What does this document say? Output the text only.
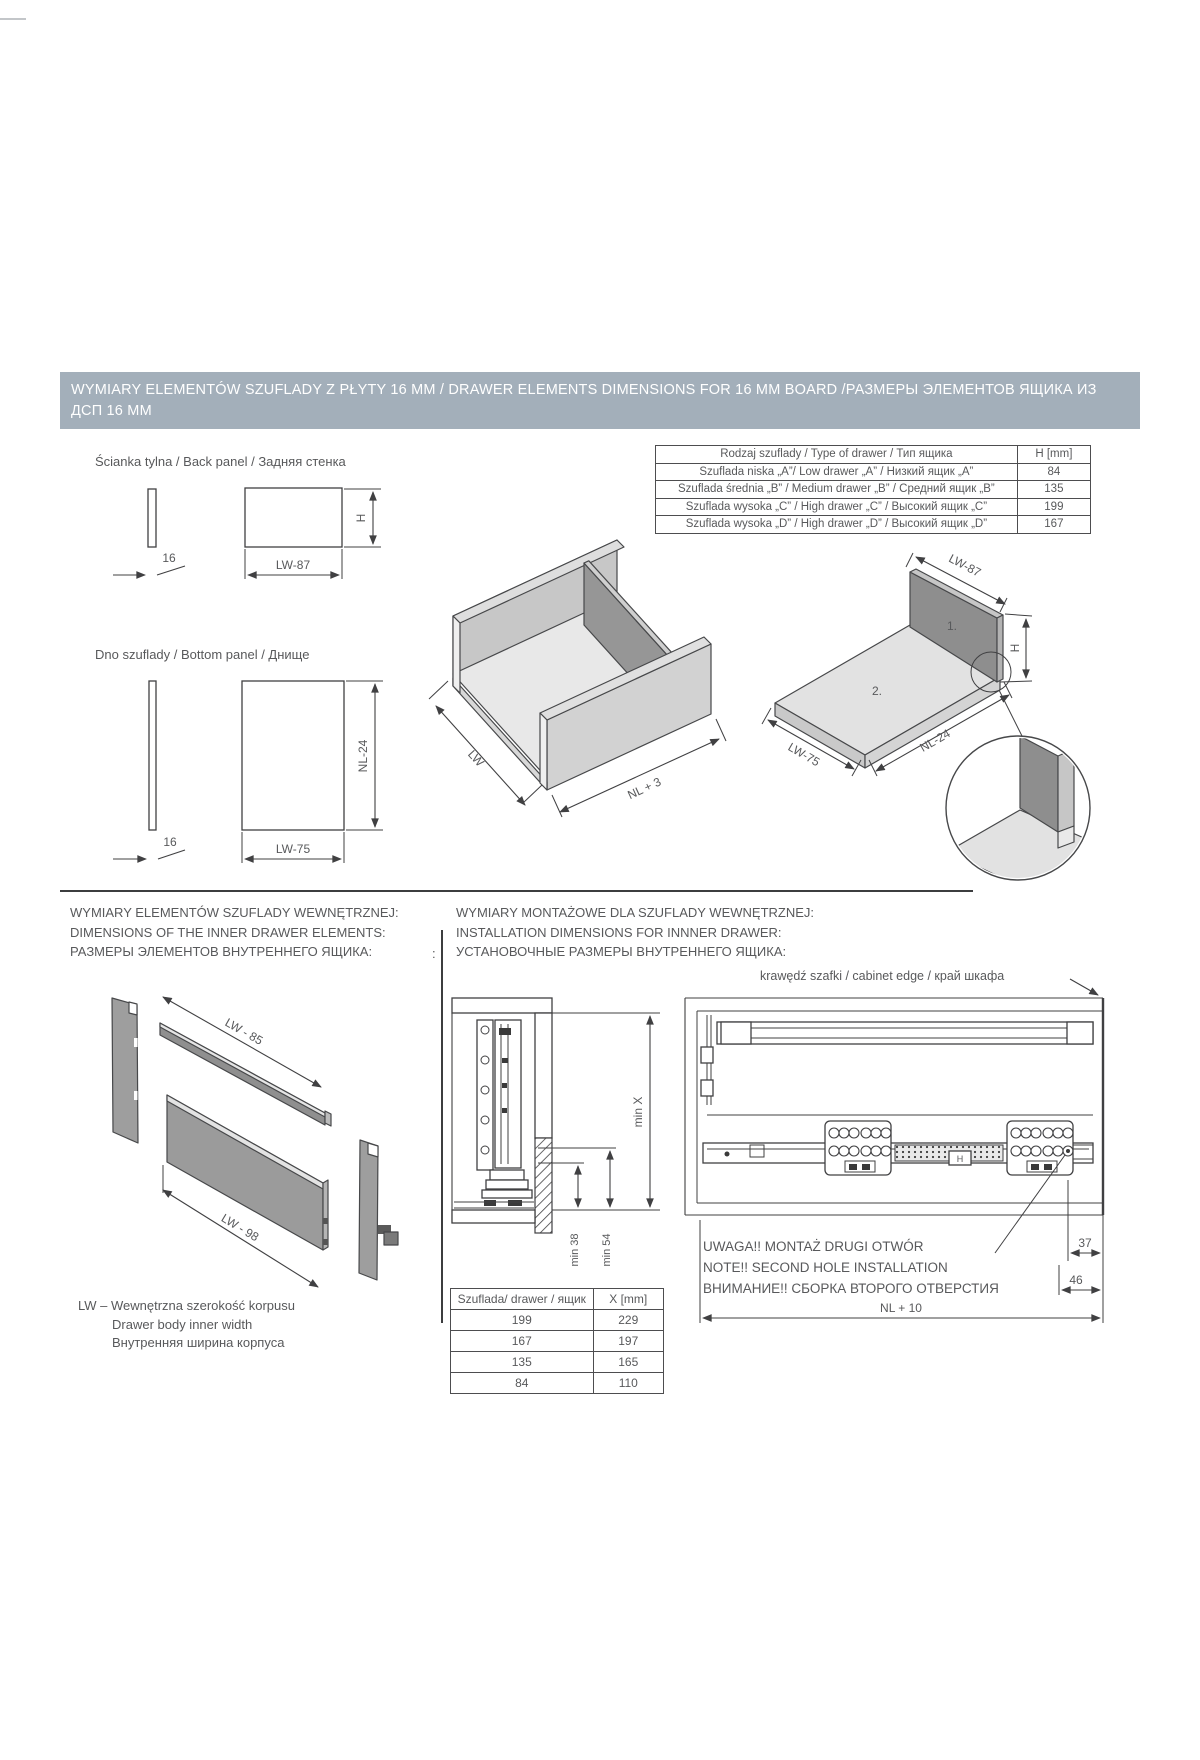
WYMIARY ELEMENTÓW SZUFLADY Z PŁYTY 16 MM / DRAWER ELEMENTS DIMENSIONS FOR 16 MM BOARD /РАЗМЕРЫ ЭЛЕМЕНТОВ ЯЩИКА ИЗ ДСП 16 ММ
Rodzaj szuflady / Type of drawer / Тип ящика	H [mm]
Szuflada niska „A”/ Low drawer „A” / Низкий ящик „A”	84
Szuflada średnia „B” / Medium drawer „B” / Средний ящик „B”	135
Szuflada wysoka „C” / High drawer „C” / Высокий ящик „C”	199
Szuflada wysoka „D” / High drawer „D” / Высокий ящик „D”	167
Ścianka tylna / Back panel / Задняя стенка
16
H
LW-87
Dno szuflady / Bottom panel / Днище
16
NL-24
LW-75
LW
NL + 3
1.
2.
LW-87
H
LW-75	NL-24
WYMIARY ELEMENTÓW SZUFLADY WEWNĘTRZNEJ:
DIMENSIONS OF THE INNER DRAWER ELEMENTS:
РАЗМЕРЫ ЭЛЕМЕНТОВ ВНУТРЕННЕГО ЯЩИКА:	:
WYMIARY MONTAŻOWE DLA SZUFLADY WEWNĘTRZNEJ:
INSTALLATION DIMENSIONS FOR INNNER DRAWER:
УСТАНОВОЧНЫЕ РАЗМЕРЫ ВНУТРЕННЕГО ЯЩИКА:
krawędź szafki / cabinet edge / край шкафа
LW - 85
LW - 98
LW – Wewnętrzna szerokość korpusu
Drawer body inner width
Внутренняя ширина корпуса
min X
min 38 min 54
H
37
46
NL + 10
UWAGA!! MONTAŻ DRUGI OTWÓR
NOTE!! SECOND HOLE INSTALLATION
ВНИМАНИЕ!! СБОРКА ВТОРОГО ОТВЕРСТИЯ
Szuflada/ drawer / ящик	X [mm]
199	229
167	197
135	165
84	110
